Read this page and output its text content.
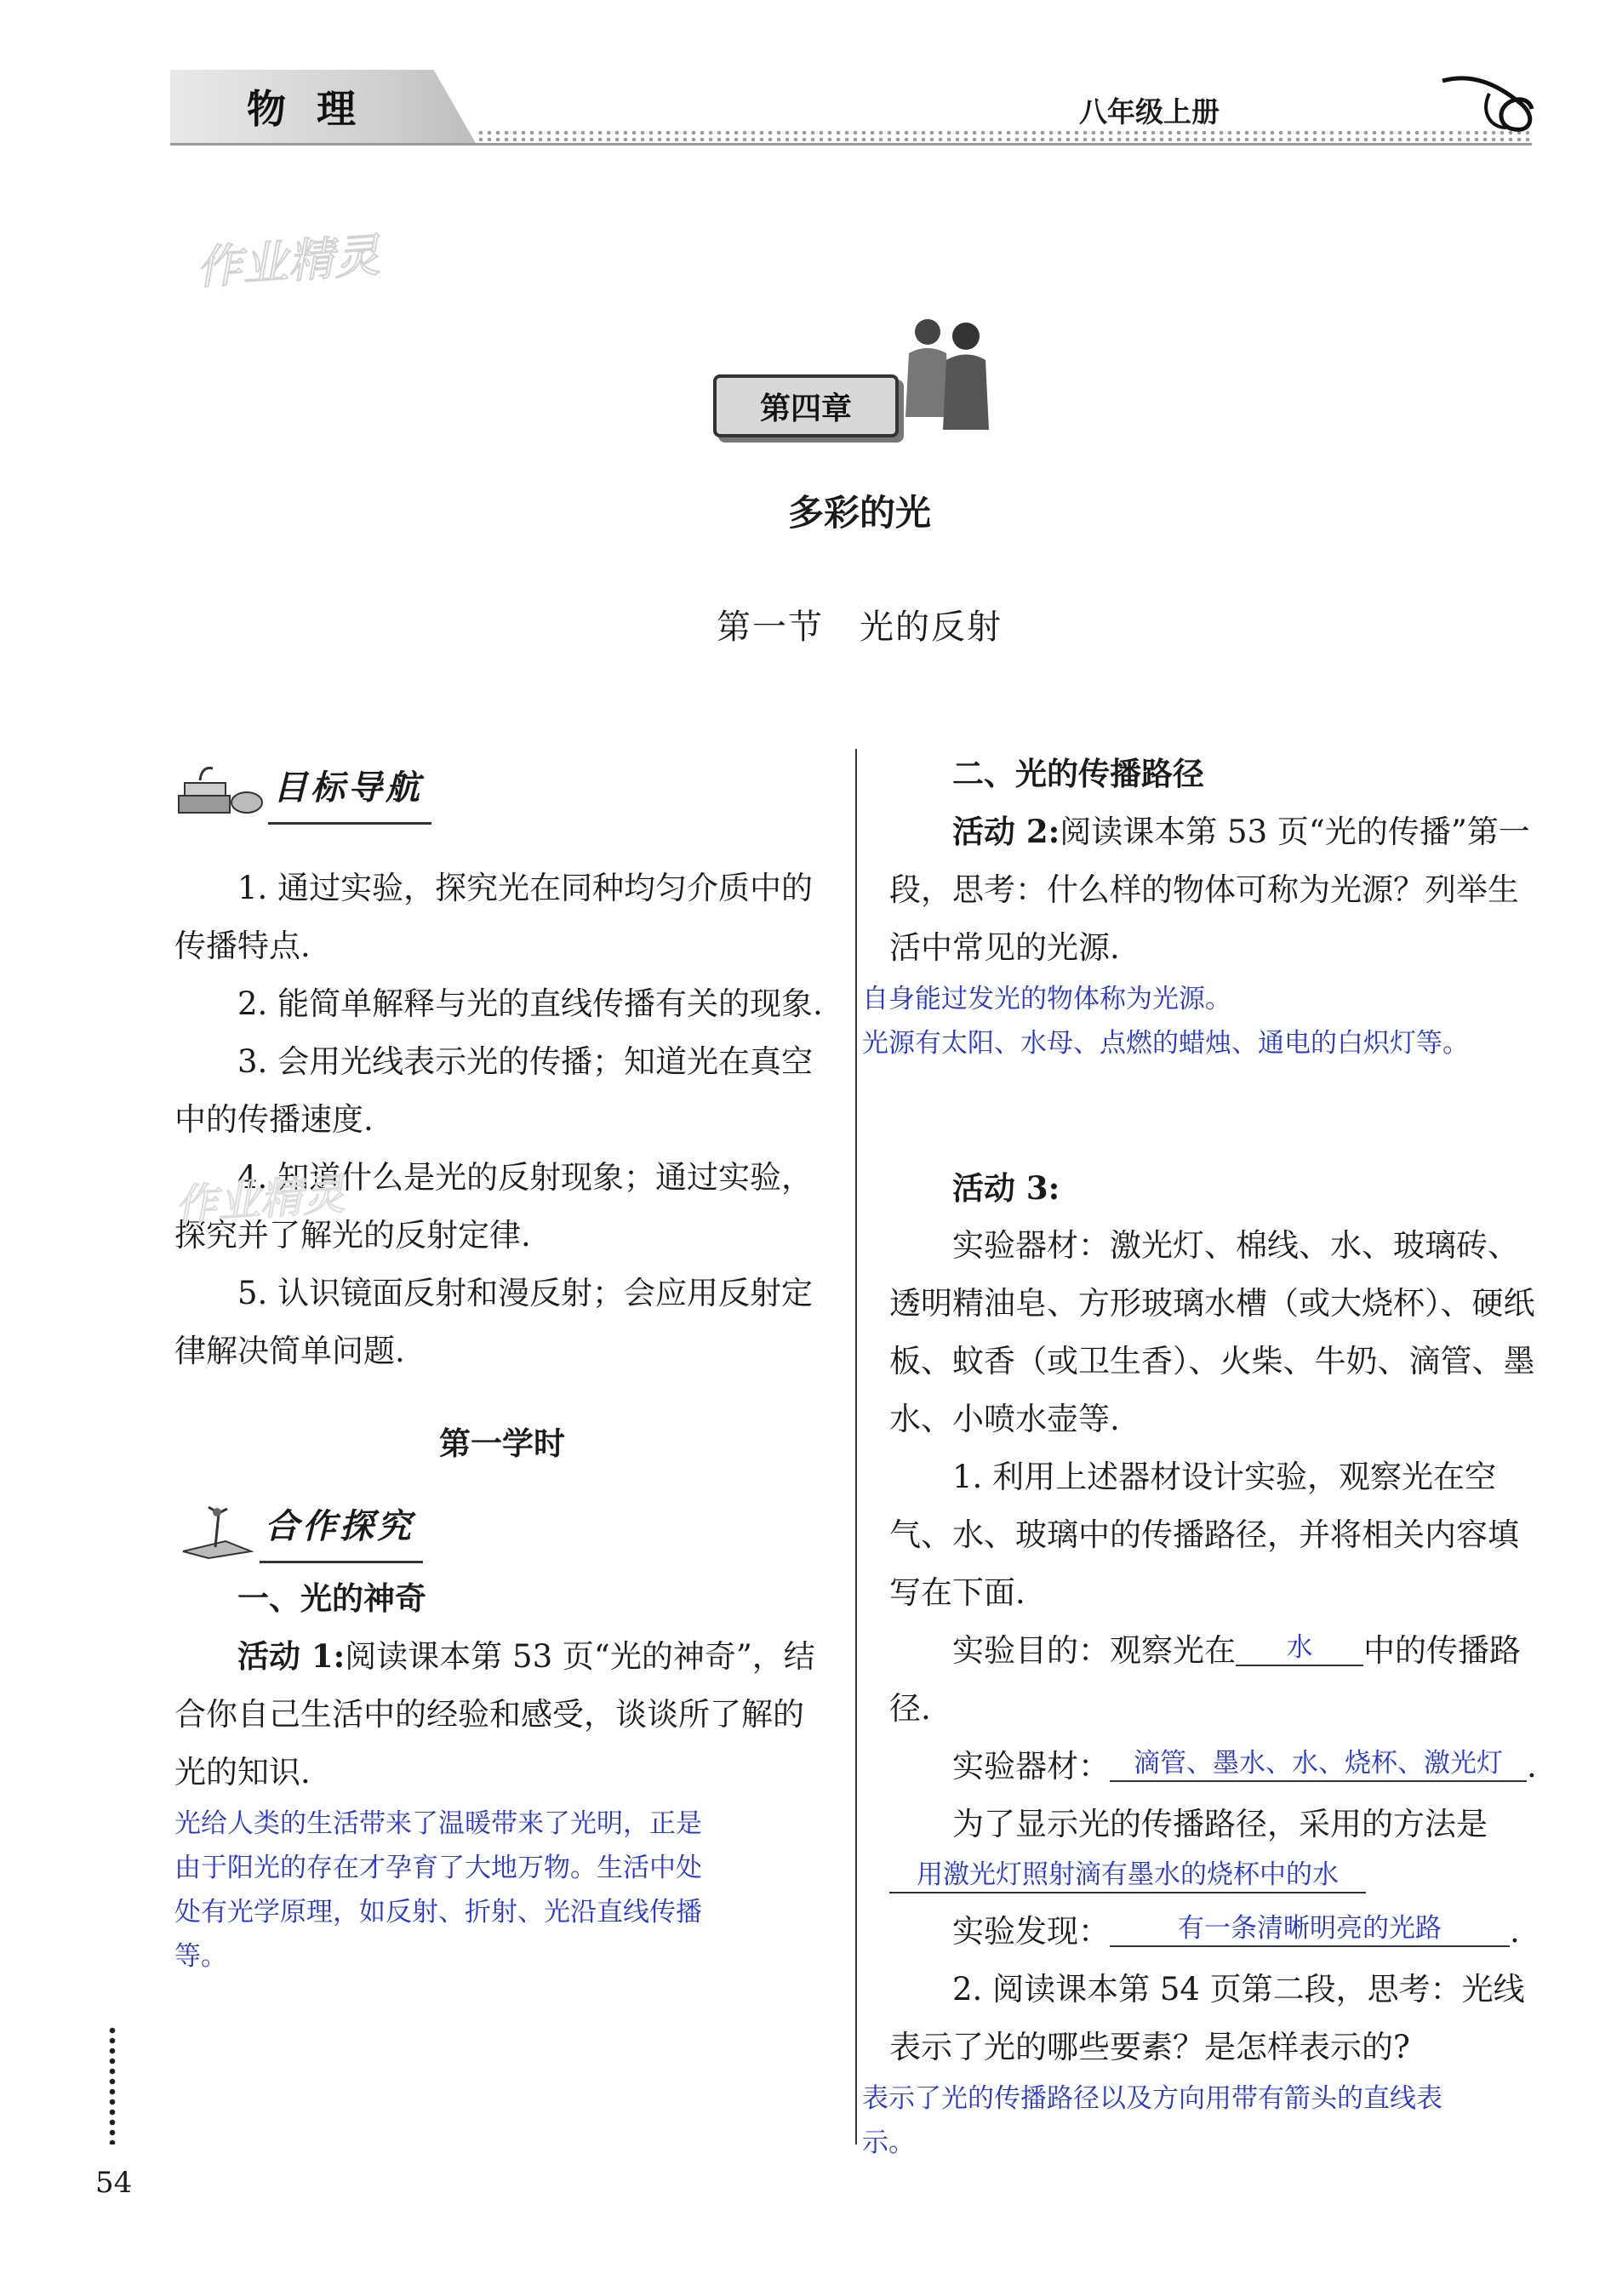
物理	八年级上册
作业精灵
第四章
多彩的光
第一节　光的反射
目标导航

1. 通过实验，探究光在同种均匀介质中的传播特点.

2. 能简单解释与光的直线传播有关的现象.

3. 会用光线表示光的传播；知道光在真空中的传播速度.

4. 知道什么是光的反射现象；通过实验，探究并了解光的反射定律.

5. 认识镜面反射和漫反射；会应用反射定律解决简单问题.

第一学时

合作探究

一、光的神奇

活动 1:阅读课本第 53 页“光的神奇”，结合你自己生活中的经验和感受，谈谈所了解的光的知识.

光给人类的生活带来了温暖带来了光明，正是
由于阳光的存在才孕育了大地万物。生活中处
处有光学原理，如反射、折射、光沿直线传播
等。
作业精灵

二、光的传播路径

活动 2:阅读课本第 53 页“光的传播”第一段，思考：什么样的物体可称为光源？列举生活中常见的光源.

自身能过发光的物体称为光源。
光源有太阳、水母、点燃的蜡烛、通电的白炽灯等。

活动 3:

实验器材：激光灯、棉线、水、玻璃砖、透明精油皂、方形玻璃水槽（或大烧杯）、硬纸板、蚊香（或卫生香）、火柴、牛奶、滴管、墨水、小喷水壶等.

1. 利用上述器材设计实验，观察光在空气、水、玻璃中的传播路径，并将相关内容填写在下面.

实验目的：观察光在 水 中的传播路径.

实验器材： 滴管、墨水、水、烧杯、激光灯 .

为了显示光的传播路径，采用的方法是

用激光灯照射滴有墨水的烧杯中的水

实验发现：	有一条清晰明亮的光路 .

2. 阅读课本第 54 页第二段，思考：光线表示了光的哪些要素？是怎样表示的?

表示了光的传播路径以及方向用带有箭头的直线表
示。
54
